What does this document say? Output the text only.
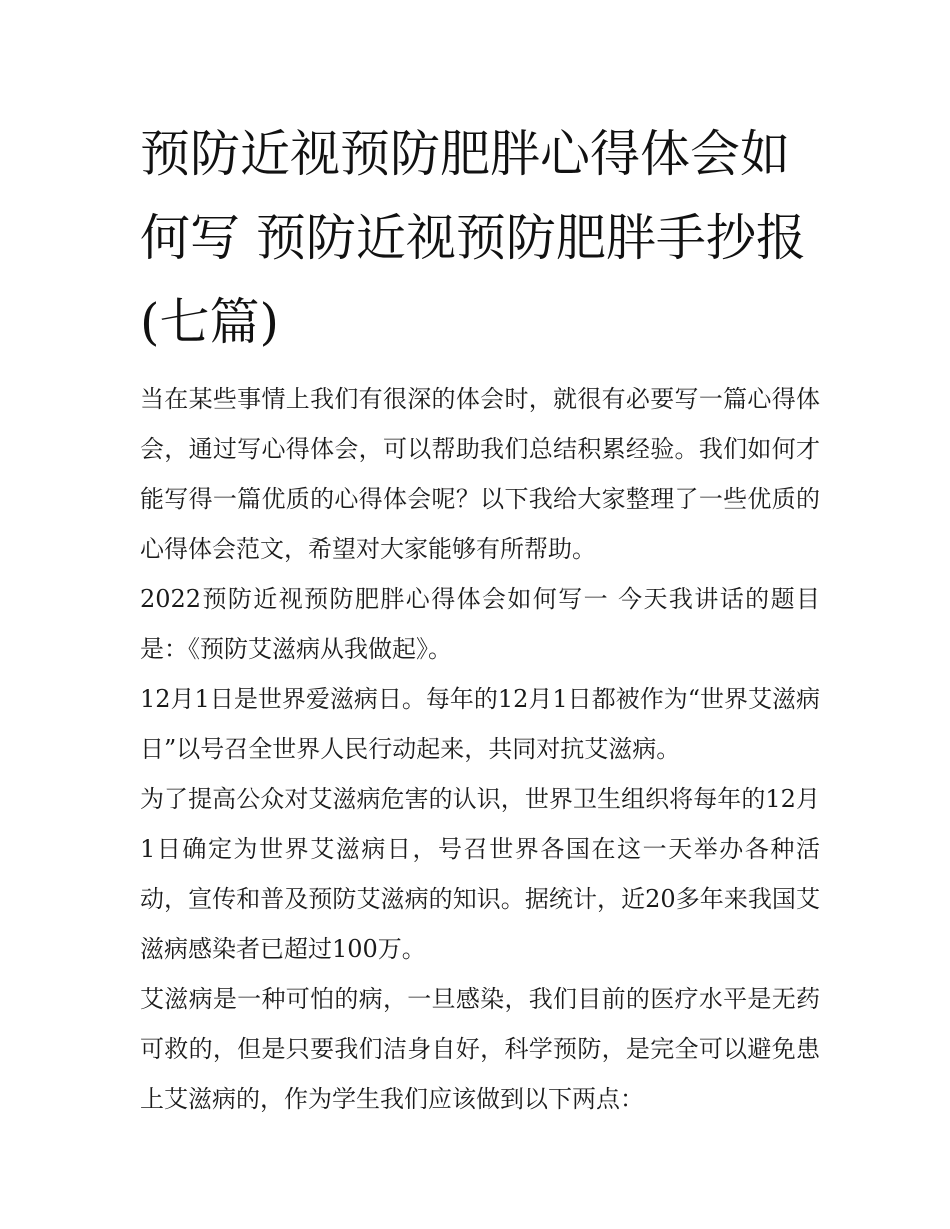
预防近视预防肥胖心得体会如何写 预防近视预防肥胖手抄报(七篇)

当在某些事情上我们有很深的体会时，就很有必要写一篇心得体会，通过写心得体会，可以帮助我们总结积累经验。我们如何才能写得一篇优质的心得体会呢？以下我给大家整理了一些优质的心得体会范文，希望对大家能够有所帮助。

2022预防近视预防肥胖心得体会如何写一 今天我讲话的题目是：《预防艾滋病从我做起》。

12月1日是世界爱滋病日。每年的12月1日都被作为“世界艾滋病日”以号召全世界人民行动起来，共同对抗艾滋病。

为了提高公众对艾滋病危害的认识，世界卫生组织将每年的12月1日确定为世界艾滋病日，号召世界各国在这一天举办各种活动，宣传和普及预防艾滋病的知识。据统计，近20多年来我国艾滋病感染者已超过100万。

艾滋病是一种可怕的病，一旦感染，我们目前的医疗水平是无药可救的，但是只要我们洁身自好，科学预防，是完全可以避免患上艾滋病的，作为学生我们应该做到以下两点：
